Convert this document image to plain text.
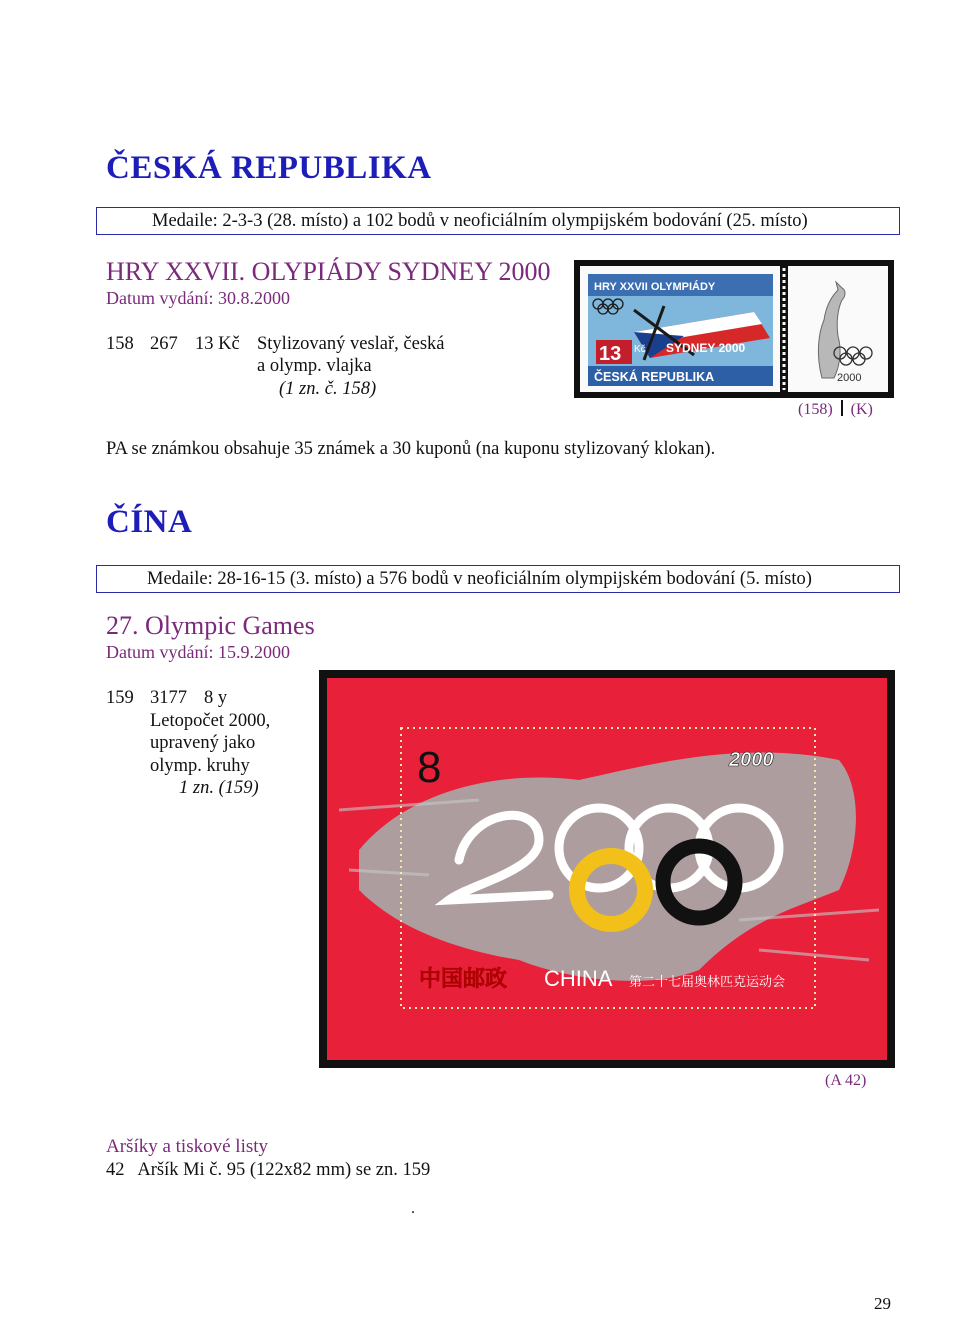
ČESKÁ REPUBLIKA
Medaile: 2-3-3 (28. místo) a 102 bodů v neoficiálním olympijském bodování (25. místo)
HRY XXVII. OLYPIÁDY SYDNEY 2000
Datum vydání: 30.8.2000
158 267 13 Kč Stylizovaný veslař, česká
a olymp. vlajka
(1 zn. č. 158)
HRY XXVII OLYMPIÁDY
13 Kč SYDNEY 2000
ČESKÁ REPUBLIKA	2000
(158) (K)
PA se známkou obsahuje 35 známek a 30 kuponů (na kuponu stylizovaný klokan).
ČÍNA
Medaile: 28-16-15 (3. místo) a 576 bodů v neoficiálním olympijském bodování (5. místo)
27. Olympic Games
Datum vydání: 15.9.2000
159 3177 8 y
Letopočet 2000,
upravený jako
olymp. kruhy
1 zn. (159)	8	2000
中国邮政 CHINA 第二十七届奥林匹克运动会
(A 42)
Aršíky a tiskové listy
42   Aršík Mi č. 95 (122x82 mm) se zn. 159
.
29
